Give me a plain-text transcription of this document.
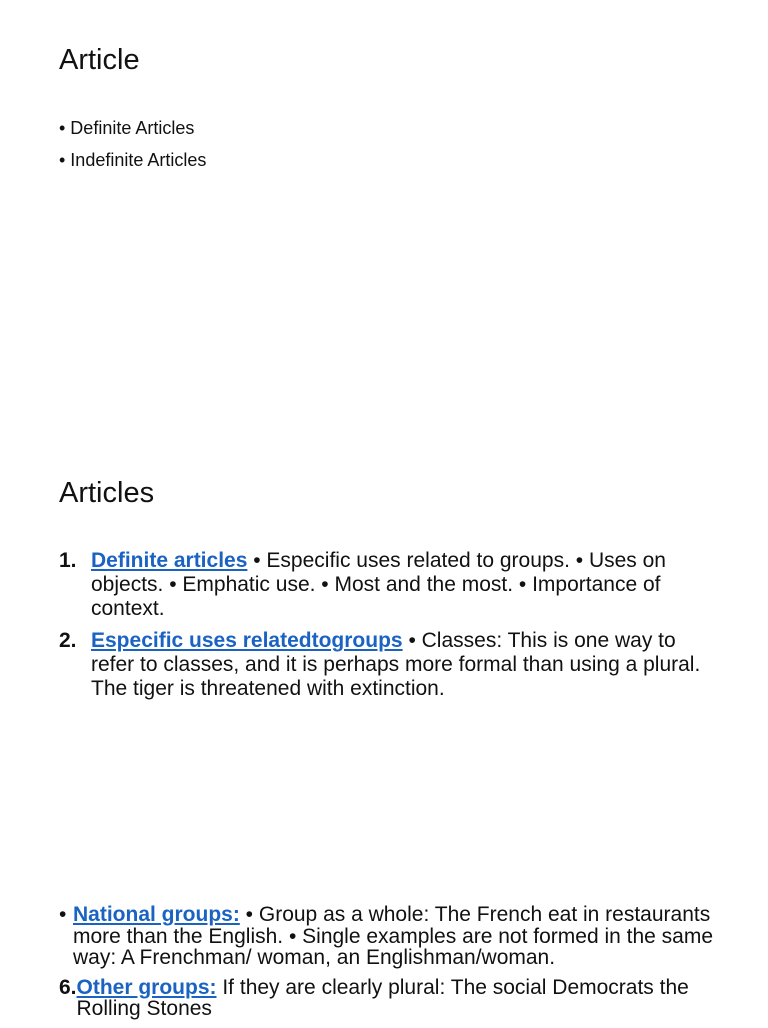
Article
• Definite Articles
• Indefinite Articles
Articles
1. Definite articles • Especific uses related to groups. • Uses on objects. • Emphatic use. • Most and the most. • Importance of context.
2. Especific uses relatedtogroups • Classes: This is one way to refer to classes, and it is perhaps more formal than using a plural. The tiger is threatened with extinction.
• National groups: • Group as a whole: The French eat in restaurants more than the English. • Single examples are not formed in the same way: A Frenchman/ woman, an Englishman/woman.
6. Other groups: If they are clearly plural: The social Democrats the Rolling Stones
